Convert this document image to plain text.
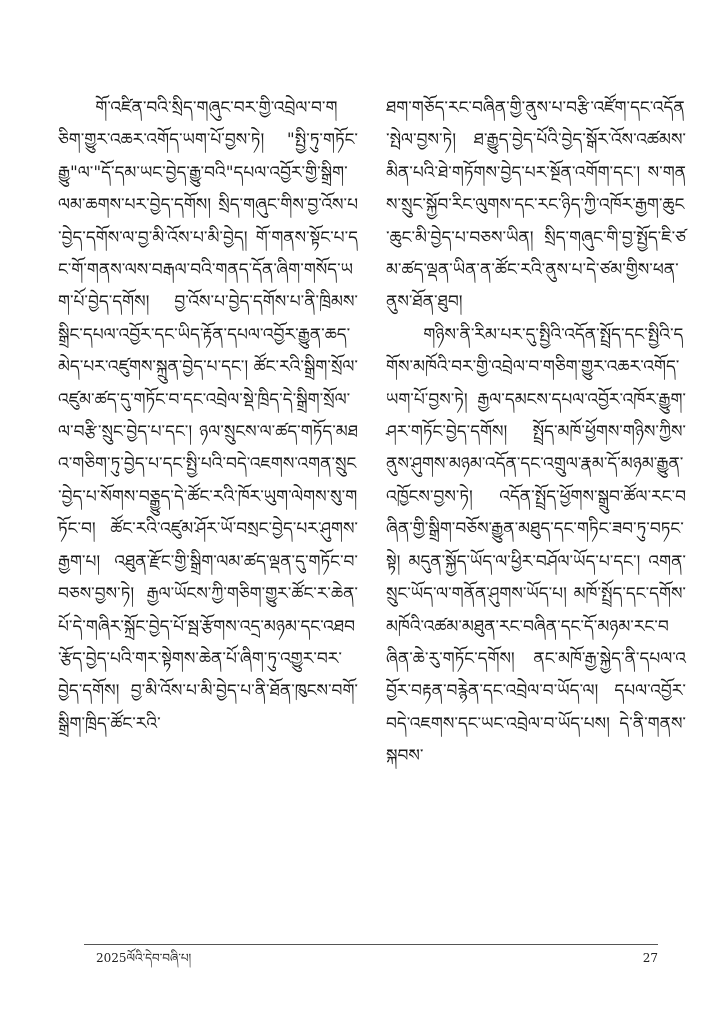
གོ་འཛིན་བའི་སྲིད་གཞུང་བར་གྱི་འབྲེལ་བ་གཅིག་གྱུར་འཆར་འགོད་ཡག་པོ་བྱས་ཏེ། "སྤྱི་ཏུ་གཏོང་རྒྱུ"ལ་"དོ་དམ་ཡང་བྱེད་རྒྱུ་བའི"དཔལ་འབྱོར་གྱི་སྒྲིག་ལམ་ཆགས་པར་བྱེད་དགོས། སྲིད་གཞུང་གིས་བྱ་འོས་པ་བྱེད་དགོས་ལ་བྱ་མི་འོས་པ་མི་བྱེད། གོ་གནས་སྟོང་པ་དང་གོ་གནས་ལས་བརྒལ་བའི་གནད་དོན་ཞིག་གསོད་ཡག་པོ་བྱེད་དགོས། བྱ་འོས་པ་བྱེད་དགོས་པ་ནི་ཁྲིམས་སྒྲིང་དཔལ་འབྱོར་དང་ཡིད་རྟོན་དཔལ་འབྱོར་རྒྱུན་ཆད་མེད་པར་འཛུགས་སྐྲུན་བྱེད་པ་དང་། ཚོང་རའི་སྒྲིག་སྲོལ་འཛུམ་ཚད་དུ་གཏོང་བ་དང་འབྲེལ་སྡེ་ཁྲིད་དེ་སྒྲིག་སྲོལ་ལ་བརྩི་སྲུང་བྱེད་པ་དང་། ཉལ་སྲུངས་ལ་ཚད་གཏོད་མཐའ་གཅིག་ཏུ་བྱེད་པ་དང་སྤྱི་པའི་བདེ་འཇགས་འགན་སྲུང་བྱེད་པ་སོགས་བཅྒྱུད་དེ་ཚོང་རའི་ཁོར་ཡུག་ལེགས་སུ་གཏོང་བ། ཚོང་རའི་འཛུམ་ཤོར་ཡོ་བསྲང་བྱེད་པར་ཤུགས་རྒྱག་པ། འཐུན་རྫོང་གྱི་སྒྲིག་ལམ་ཚད་ལྡན་དུ་གཏོང་བ་བཅས་བྱས་ཏེ། རྒྱལ་ཡོངས་ཀྱི་གཅིག་གྱུར་ཚོང་ར་ཆེན་པོ་དེ་གཞིར་སྐྲོང་བྱེད་པོ་སྦ་རྩོགས་འདྲ་མཉམ་དང་འཐབ་རྩོད་བྱེད་པའི་གར་སྟེགས་ཆེན་པོ་ཞིག་ཏུ་འགྱུར་བར་བྱེད་དགོས། བྱ་མི་འོས་པ་མི་བྱེད་པ་ནི་ཐོན་ཁུངས་བགོ་སྒྲིག་ཁྲིད་ཚོང་རའི་

ཐག་གཅོད་རང་བཞིན་གྱི་ནུས་པ་བརྩི་འཛོག་དང་འདོན་སྤེལ་བྱས་ཏེ། ཐ་རྒྱུད་བྱེད་པོའི་བྱེད་སྒོར་འོས་འཚམས་མིན་པའི་ཐེ་གཏོགས་བྱེད་པར་སྔོན་འགོག་དང་། ས་གནས་སྲུང་སྐྱོབ་རིང་ལུགས་དང་རང་ཉིད་ཀྱི་འཁོར་རྒྱག་ཆུང་ཆུང་མི་བྱེད་པ་བཅས་ཡིན། སྲིད་གཞུང་གི་བྱ་སྤྱོད་ཇི་ཙམ་ཚད་ལྡན་ཡིན་ན་ཚོང་རའི་ནུས་པ་དེ་ཙམ་གྱིས་ཕན་ནུས་ཐོན་ཐུབ།

གཉིས་ནི་རིམ་པར་དུ་སྤྱིའི་འདོན་སྤྲོད་དང་སྤྱིའི་དགོས་མཁོའི་བར་གྱི་འབྲེལ་བ་གཅིག་གྱུར་འཆར་འགོད་ཡག་པོ་བྱས་ཏེ། རྒྱལ་དམངས་དཔལ་འབྱོར་འཁོར་རྒྱུག་ཤར་གཏོང་བྱེད་དགོས། སྤྲོད་མཁོ་ཕྱོགས་གཉིས་ཀྱིས་ནུས་ཤུགས་མཉམ་འདོན་དང་འགྲུལ་རྣམ་དོ་མཉམ་རྒྱུན་འཁྱོངས་བྱས་ཏེ། འདོན་སྤྲོད་ཕྱོགས་སྒྲུབ་ཚོལ་རང་བཞིན་གྱི་སྒྲིག་བཅོས་རྒྱུན་མཐུད་དང་གཏིང་ཟབ་ཏུ་བཏང་སྟེ། མདུན་སྐྱོད་ཡོད་ལ་ཕྱིར་བཤོལ་ཡོད་པ་དང་། འགན་སྲུང་ཡོད་ལ་གནོན་ཤུགས་ཡོད་པ། མཁོ་སྤྲོད་དང་དགོས་མཁོའི་འཚམ་མཐུན་རང་བཞིན་དང་དོ་མཉམ་རང་བཞིན་ཆེ་རུ་གཏོང་དགོས། ནང་མཁོ་རྒྱ་སྐྱེད་ནི་དཔལ་འབྱོར་བརྟན་བརྙེན་དང་འབྲེལ་བ་ཡོད་ལ། དཔལ་འབྱོར་བདེ་འཇགས་དང་ཡང་འབྲེལ་བ་ཡོད་པས། དེ་ནི་གནས་སྐབས་

2025ལོའི་དེབ་བཞི་པ།	27
